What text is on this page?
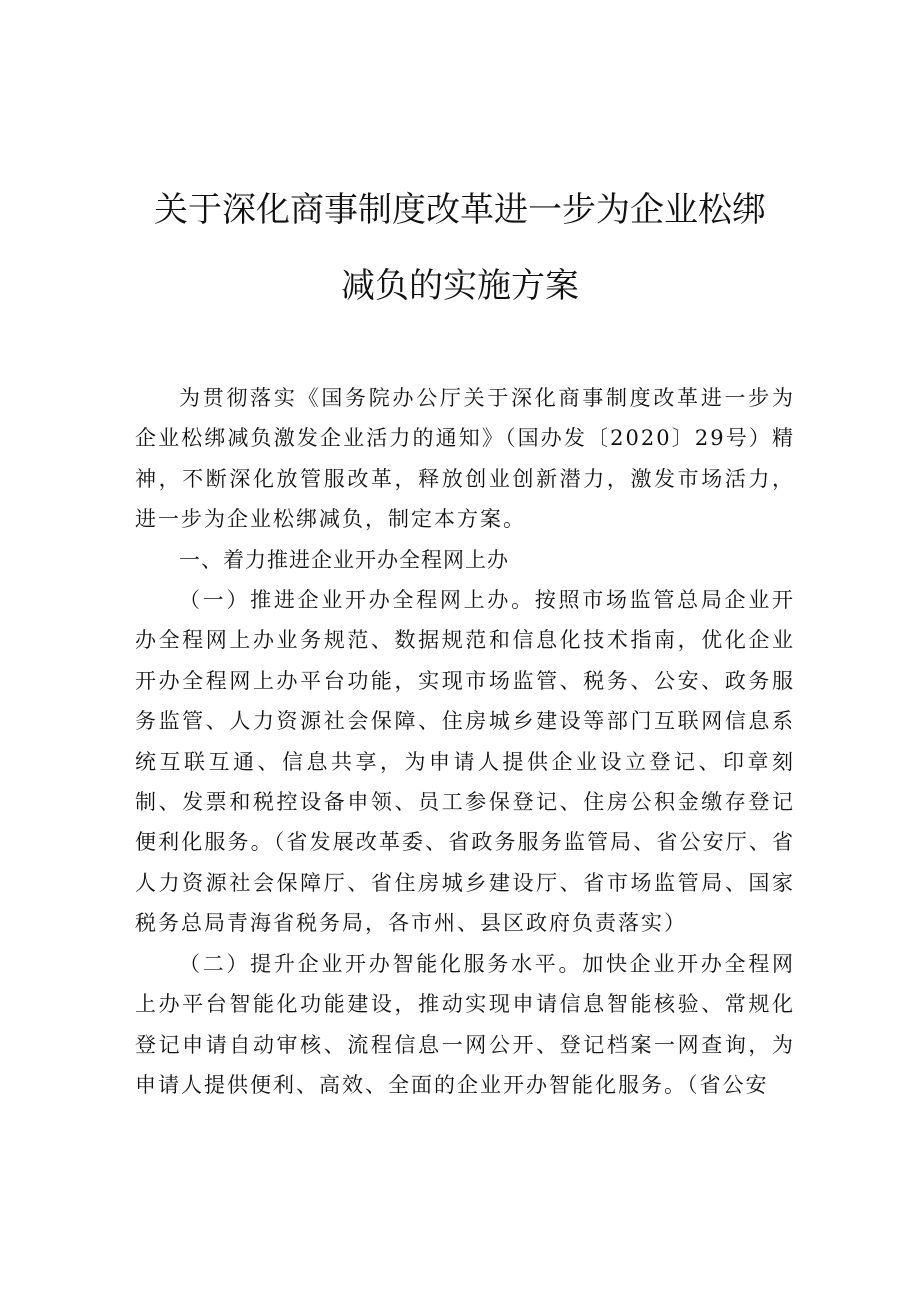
关于深化商事制度改革进一步为企业松绑

减负的实施方案

为贯彻落实《国务院办公厅关于深化商事制度改革进一步为企业松绑减负激发企业活力的通知》（国办发〔2020〕29号）精神，不断深化放管服改革，释放创业创新潜力，激发市场活力，进一步为企业松绑减负，制定本方案。

一、着力推进企业开办全程网上办

（一）推进企业开办全程网上办。按照市场监管总局企业开办全程网上办业务规范、数据规范和信息化技术指南，优化企业开办全程网上办平台功能，实现市场监管、税务、公安、政务服务监管、人力资源社会保障、住房城乡建设等部门互联网信息系统互联互通、信息共享，为申请人提供企业设立登记、印章刻制、发票和税控设备申领、员工参保登记、住房公积金缴存登记便利化服务。（省发展改革委、省政务服务监管局、省公安厅、省人力资源社会保障厅、省住房城乡建设厅、省市场监管局、国家税务总局青海省税务局，各市州、县区政府负责落实）

（二）提升企业开办智能化服务水平。加快企业开办全程网上办平台智能化功能建设，推动实现申请信息智能核验、常规化登记申请自动审核、流程信息一网公开、登记档案一网查询，为申请人提供便利、高效、全面的企业开办智能化服务。（省公安
